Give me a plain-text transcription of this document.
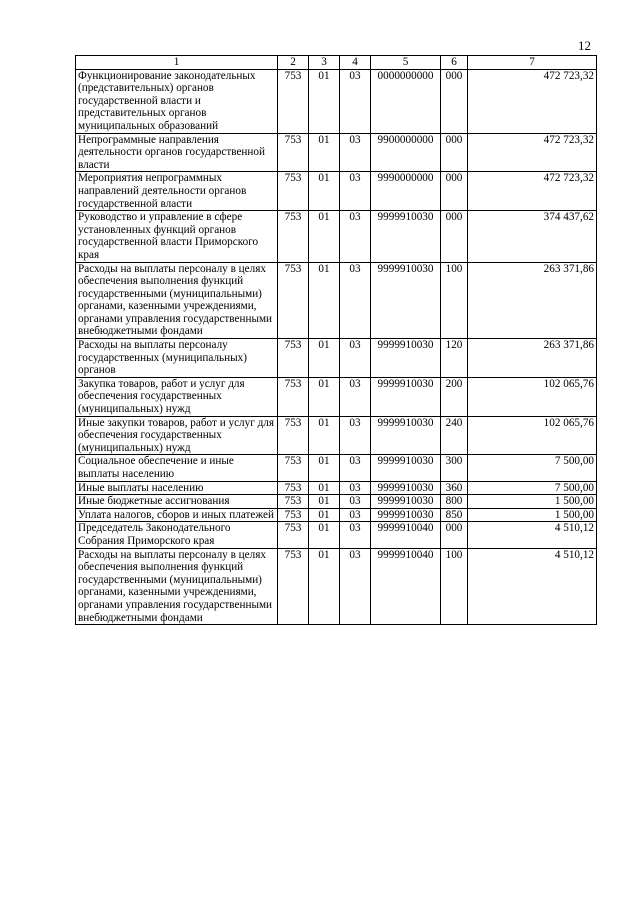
12
1	2	3	4	5	6	7
Функционирование законодательных (представительных) органов государственной власти и представительных органов муниципальных образований	753	01	03	0000000000	000	472 723,32
Непрограммные направления деятельности органов государственной власти	753	01	03	9900000000	000	472 723,32
Мероприятия непрограммных направлений деятельности органов государственной власти	753	01	03	9990000000	000	472 723,32
Руководство и управление в сфере установленных функций органов государственной власти Приморского края	753	01	03	9999910030	000	374 437,62
Расходы на выплаты персоналу в целях обеспечения выполнения функций государственными (муниципальными) органами, казенными учреждениями, органами управления государственными внебюджетными фондами	753	01	03	9999910030	100	263 371,86
Расходы на выплаты персоналу государственных (муниципальных) органов	753	01	03	9999910030	120	263 371,86
Закупка товаров, работ и услуг для обеспечения государственных (муниципальных) нужд	753	01	03	9999910030	200	102 065,76
Иные закупки товаров, работ и услуг для обеспечения государственных (муниципальных) нужд	753	01	03	9999910030	240	102 065,76
Социальное обеспечение и иные выплаты населению	753	01	03	9999910030	300	7 500,00
Иные выплаты населению	753	01	03	9999910030	360	7 500,00
Иные бюджетные ассигнования	753	01	03	9999910030	800	1 500,00
Уплата налогов, сборов и иных платежей	753	01	03	9999910030	850	1 500,00
Председатель Законодательного Собрания Приморского края	753	01	03	9999910040	000	4 510,12
Расходы на выплаты персоналу в целях обеспечения выполнения функций государственными (муниципальными) органами, казенными учреждениями, органами управления государственными внебюджетными фондами	753	01	03	9999910040	100	4 510,12
